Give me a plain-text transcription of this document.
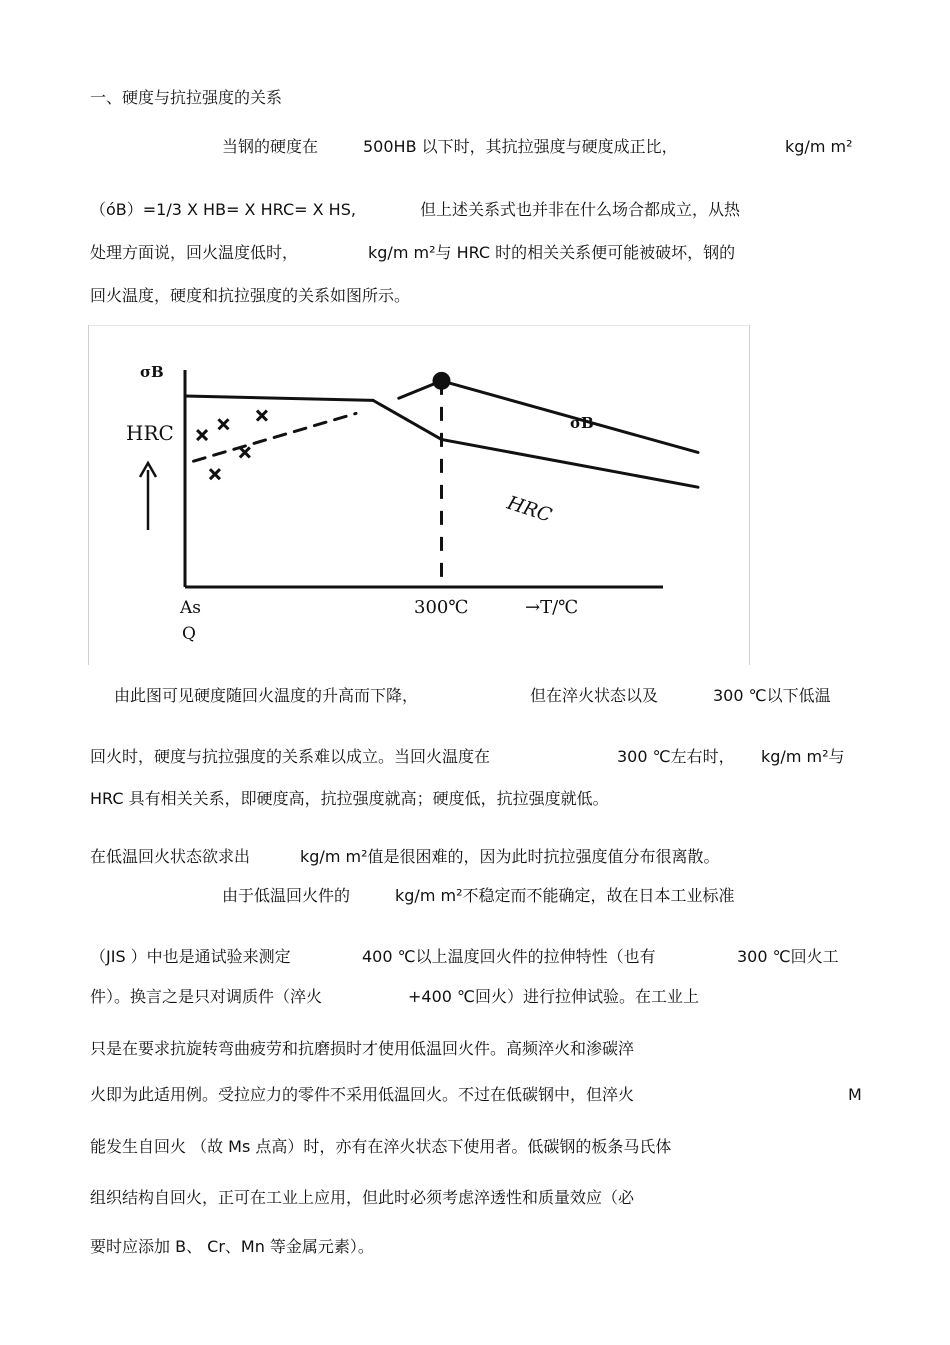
一、硬度与抗拉强度的关系
当钢的硬度在	500HB 以下时，其抗拉强度与硬度成正比，	kg/m m²
（όB）=1/3 X HB= X HRC= X HS,	但上述关系式也并非在什么场合都成立，从热
处理方面说，回火温度低时，	kg/m m²与 HRC 时的相关关系便可能被破坏，钢的
回火温度，硬度和抗拉强度的关系如图所示。
σB
HRC
As
Q
300℃	→T/℃
σB
HRC
由此图可见硬度随回火温度的升高而下降，	但在淬火状态以及	300 ℃以下低温
回火时，硬度与抗拉强度的关系难以成立。当回火温度在	300 ℃左右时， kg/m m²与
HRC 具有相关关系，即硬度高，抗拉强度就高；硬度低，抗拉强度就低。
在低温回火状态欲求出	kg/m m²值是很困难的，因为此时抗拉强度值分布很离散。
由于低温回火件的	kg/m m²不稳定而不能确定，故在日本工业标准
（JIS ）中也是通试验来测定	400 ℃以上温度回火件的拉伸特性（也有	300 ℃回火工
件）。换言之是只对调质件（淬火	+400 ℃回火）进行拉伸试验。在工业上
只是在要求抗旋转弯曲疲劳和抗磨损时才使用低温回火件。高频淬火和渗碳淬
火即为此适用例。受拉应力的零件不采用低温回火。不过在低碳钢中，但淬火	M
能发生自回火 （故 Ms 点高）时，亦有在淬火状态下使用者。低碳钢的板条马氏体
组织结构自回火，正可在工业上应用，但此时必须考虑淬透性和质量效应（必
要时应添加 B、 Cr、Mn 等金属元素）。
